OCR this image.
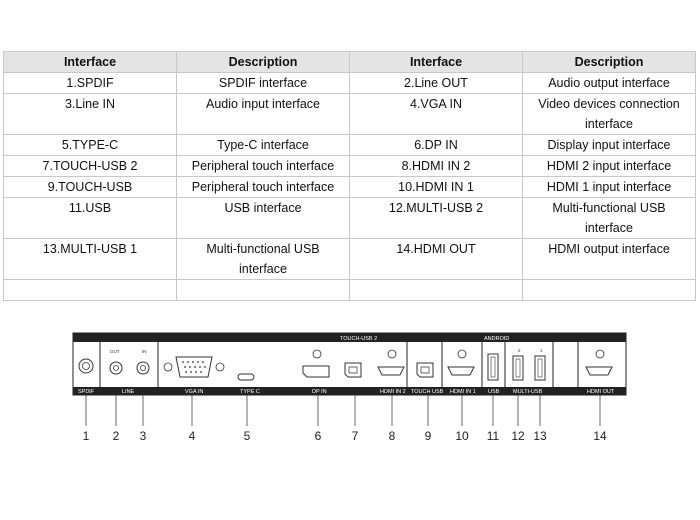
Interface	Description	Interface	Description
1.SPDIF	SPDIF interface	2.Line OUT	Audio output interface
3.Line IN	Audio input interface	4.VGA IN	Video devices connection interface
5.TYPE-C	Type-C interface	6.DP IN	Display input interface
7.TOUCH-USB 2	Peripheral touch interface	8.HDMI IN 2	HDMI 2 input interface
9.TOUCH-USB	Peripheral touch interface	10.HDMI IN 1	HDMI 1 input interface
11.USB	USB interface	12.MULTI-USB 2	Multi-functional USB interface
13.MULTI-USB 1	Multi-functional USB interface	14.HDMI OUT	HDMI output interface

TOUCH-USB 2	ANDROID
OUT	IN	2	1
SPDIF	LINE	VGA IN	TYPE C	DP IN	HDMI IN 2 TOUCH USB HDMI IN 1 USB MULTI-USB	HDMI OUT
1 2 3	4	5	6	7	8 9 10 11 12 13	14
